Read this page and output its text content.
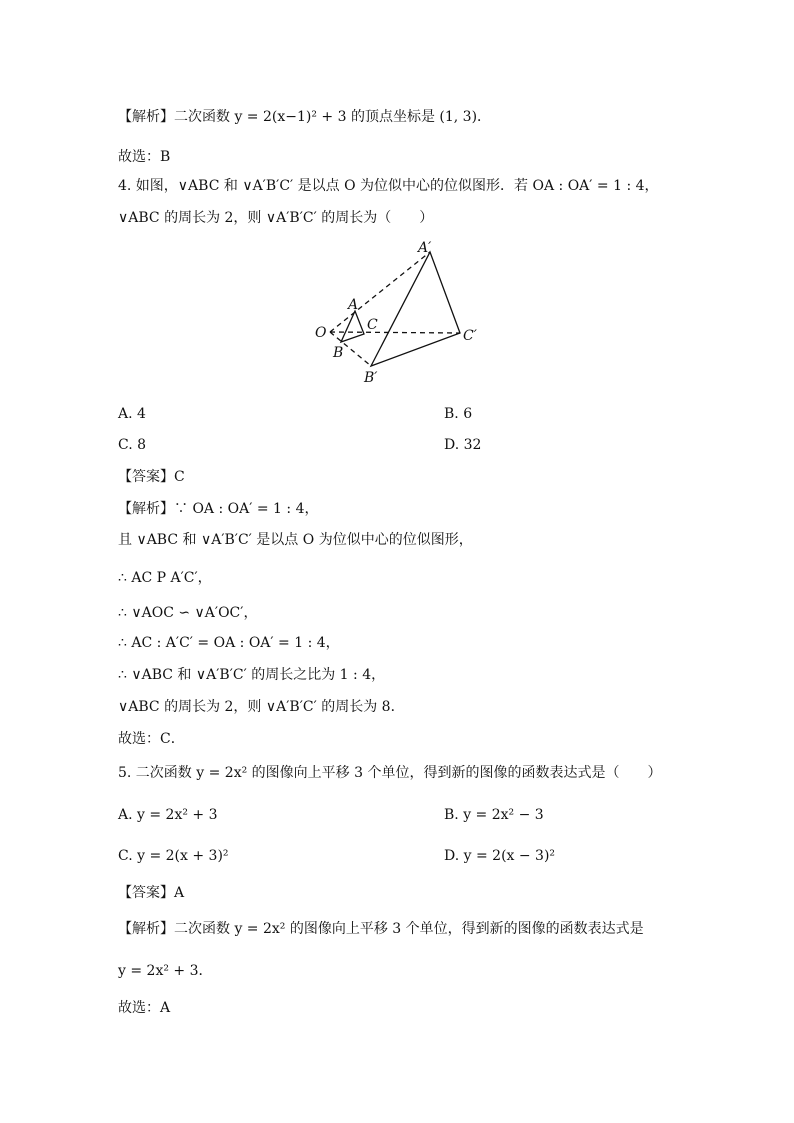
【解析】二次函数 y = 2(x−1)² + 3 的顶点坐标是 (1, 3)．
故选：B
4. 如图，∨ABC 和 ∨A′B′C′ 是以点 O 为位似中心的位似图形．若 OA : OA′ = 1 : 4，
∨ABC 的周长为 2，则 ∨A′B′C′ 的周长为（　　）
O
A
B
C
A′
B′
C′
A. 4	B. 6
C. 8	D. 32
【答案】C
【解析】∵ OA : OA′ = 1 : 4，
且 ∨ABC 和 ∨A′B′C′ 是以点 O 为位似中心的位似图形，
∴ AC P A′C′，
∴ ∨AOC ∽ ∨A′OC′，
∴ AC : A′C′ = OA : OA′ = 1 : 4，
∴ ∨ABC 和 ∨A′B′C′ 的周长之比为 1 : 4，
∨ABC 的周长为 2，则 ∨A′B′C′ 的周长为 8．
故选：C．
5. 二次函数 y = 2x² 的图像向上平移 3 个单位，得到新的图像的函数表达式是（　　）
A. y = 2x² + 3	B. y = 2x² − 3
C. y = 2(x + 3)²	D. y = 2(x − 3)²
【答案】A
【解析】二次函数 y = 2x² 的图像向上平移 3 个单位，得到新的图像的函数表达式是
y = 2x² + 3．
故选：A
